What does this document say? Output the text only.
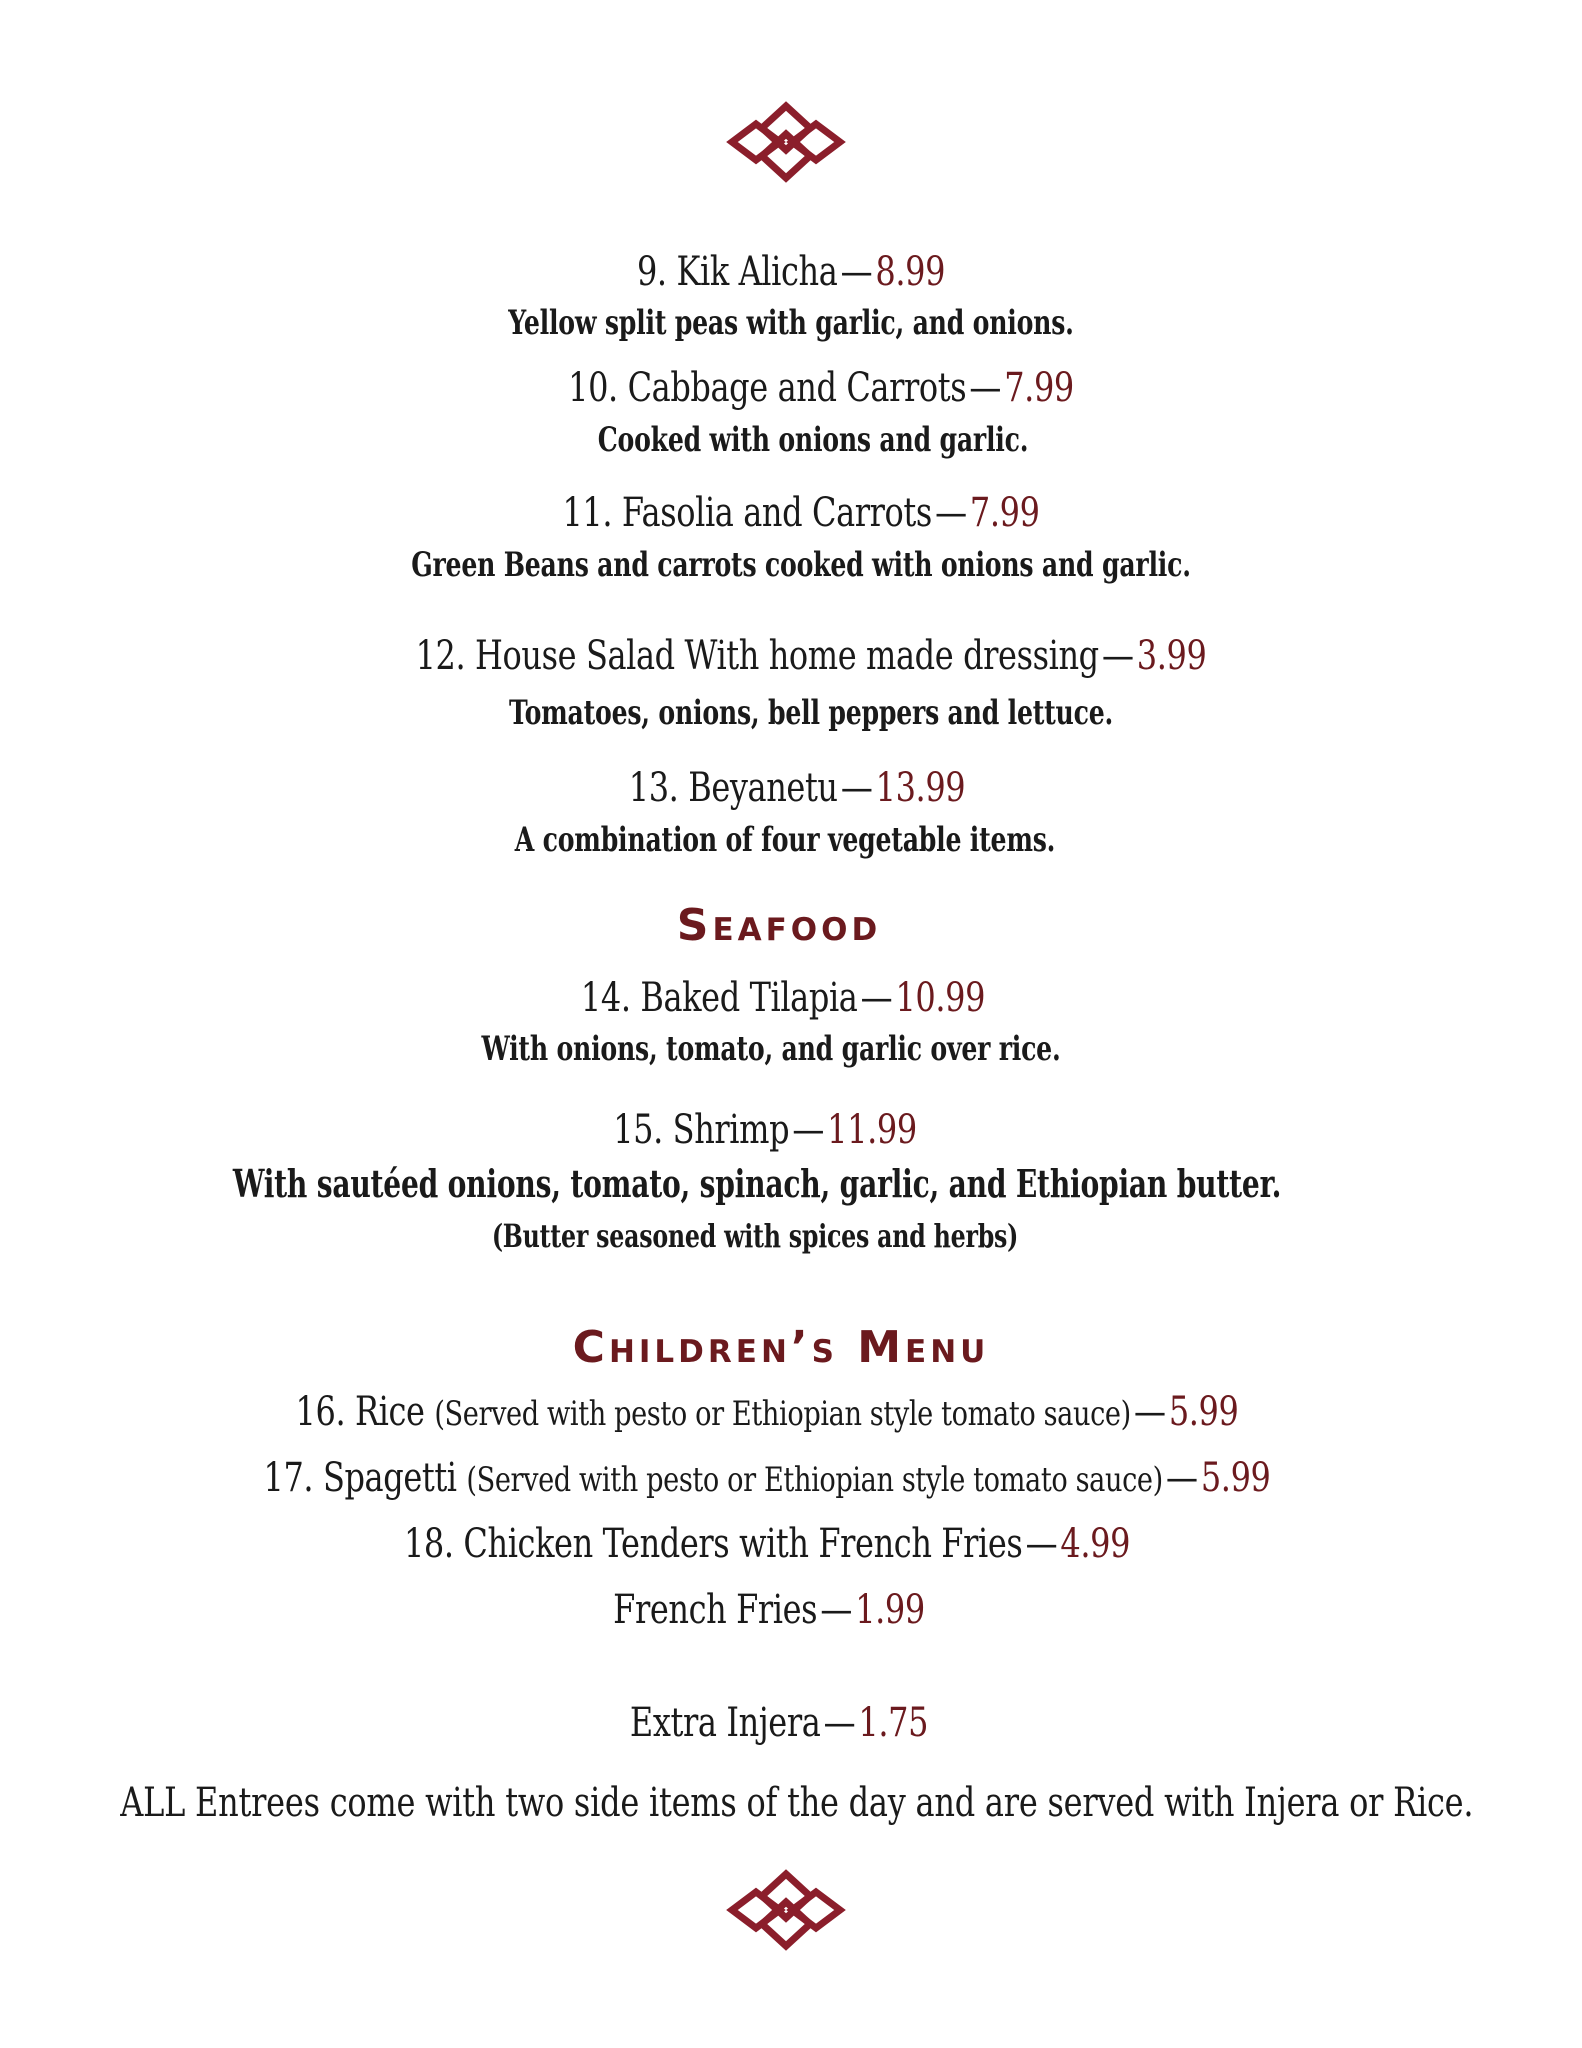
9. Kik Alicha—8.99
Yellow split peas with garlic, and onions.
10. Cabbage and Carrots—7.99
Cooked with onions and garlic.
11. Fasolia and Carrots—7.99
Green Beans and carrots cooked with onions and garlic.
12. House Salad With home made dressing—3.99
Tomatoes, onions, bell peppers and lettuce.
13. Beyanetu—13.99
A combination of four vegetable items.
Seafood
14. Baked Tilapia—10.99
With onions, tomato, and garlic over rice.
15. Shrimp—11.99
With sautéed onions, tomato, spinach, garlic, and Ethiopian butter.
(Butter seasoned with spices and herbs)
Children’s Menu
16. Rice (Served with pesto or Ethiopian style tomato sauce)—5.99
17. Spagetti (Served with pesto or Ethiopian style tomato sauce)—5.99
18. Chicken Tenders with French Fries—4.99
French Fries—1.99
Extra Injera—1.75
ALL Entrees come with two side items of the day and are served with Injera or Rice.
